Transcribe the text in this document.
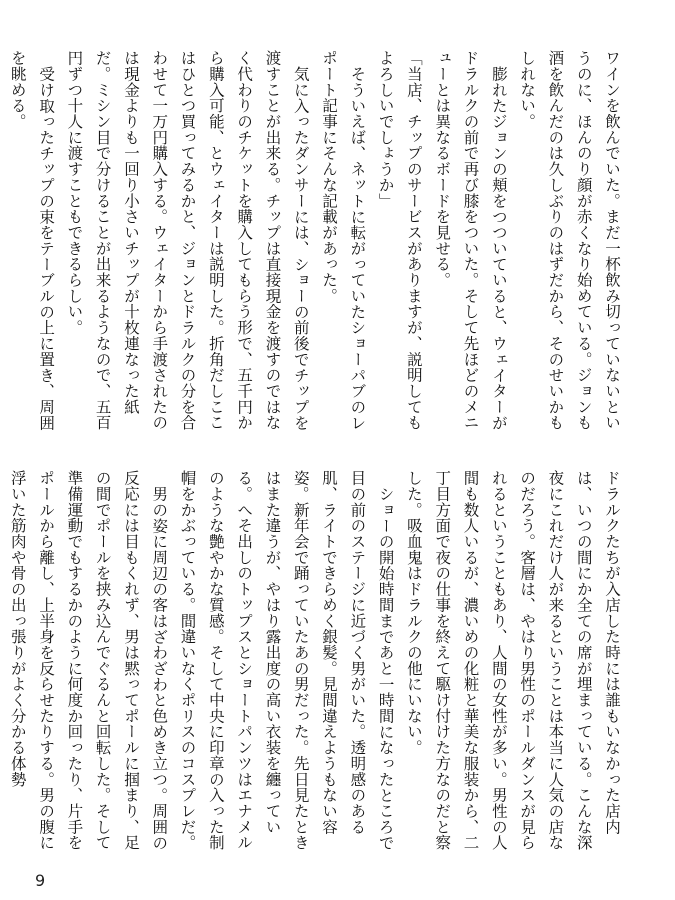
ワインを飲んでいた。まだ一杯飲み切っていないというのに、ほんのり顔が赤くなり始めている。ジョンも酒を飲んだのは久しぶりのはずだから、そのせいかもしれない。

膨れたジョンの頬をつついていると、ウェイターがドラルクの前で再び膝をついた。そして先ほどのメニューとは異なるボードを見せる。

「当店、チップのサービスがありますが、説明してもよろしいでしょうか」

そういえば、ネットに転がっていたショーパブのレポート記事にそんな記載があった。

気に入ったダンサーには、ショーの前後でチップを渡すことが出来る。チップは直接現金を渡すのではなく代わりのチケットを購入してもらう形で、五千円から購入可能、とウェイターは説明した。折角だしここはひとつ買ってみるかと、ジョンとドラルクの分を合わせて一万円購入する。ウェイターから手渡されたのは現金よりも一回り小さいチップが十枚連なった紙だ。ミシン目で分けることが出来るようなので、五百円ずつ十人に渡すこともできるらしい。

受け取ったチップの束をテーブルの上に置き、周囲を眺める。

ドラルクたちが入店した時には誰もいなかった店内は、いつの間にか全ての席が埋まっている。こんな深夜にこれだけ人が来るということは本当に人気の店なのだろう。客層は、やはり男性のポールダンスが見られるということもあり、人間の女性が多い。男性の人間も数人いるが、濃いめの化粧と華美な服装から、二丁目方面で夜の仕事を終えて駆け付けた方なのだと察した。吸血鬼はドラルクの他にいない。

ショーの開始時間まであと一時間になったところで目の前のステージに近づく男がいた。透明感のある肌、ライトできらめく銀髪。見間違えようもない容姿。新年会で踊っていたあの男だった。先日見たときはまた違うが、やはり露出度の高い衣装を纏っている。へそ出しのトップスとショートパンツはエナメルのような艶やかな質感。そして中央に印章の入った制帽をかぶっている。間違いなくポリスのコスプレだ。

男の姿に周辺の客はざわざわと色めき立つ。周囲の反応には目もくれず、男は黙ってポールに掴まり、足の間でポールを挟み込んでぐるんと回転した。そして準備運動でもするかのように何度か回ったり、片手をポールから離し、上半身を反らせたりする。男の腹に浮いた筋肉や骨の出っ張りがよく分かる体勢

9
